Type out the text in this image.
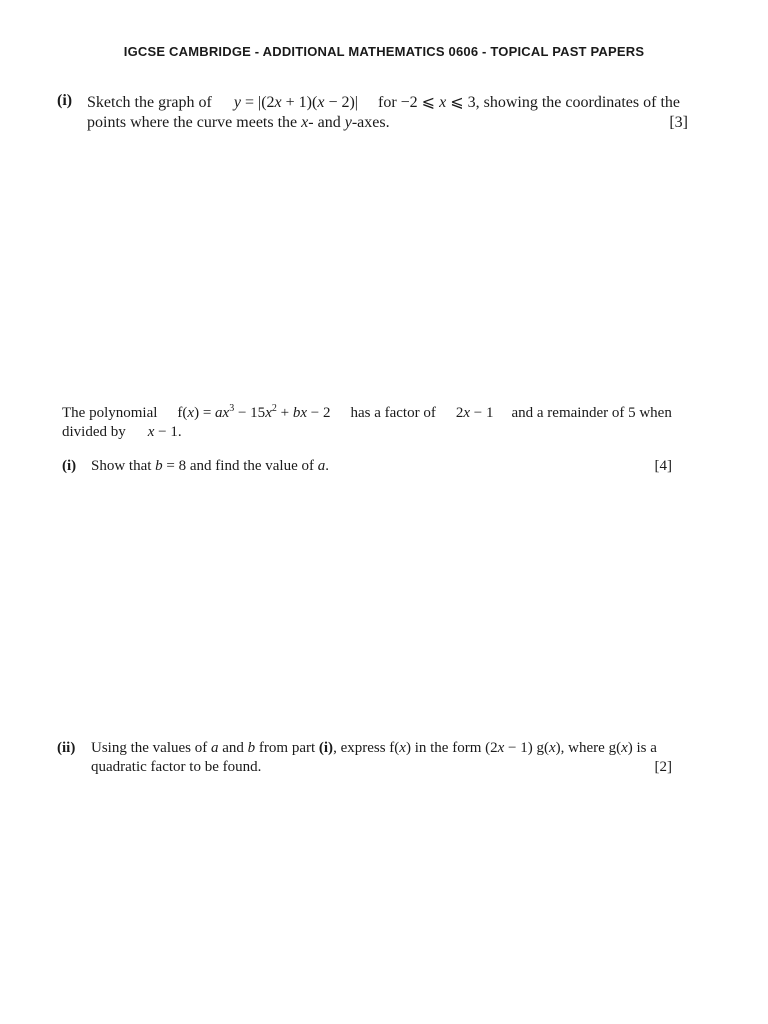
IGCSE CAMBRIDGE - ADDITIONAL MATHEMATICS 0606 - TOPICAL PAST PAPERS
(i) Sketch the graph of y = |(2x + 1)(x − 2)| for −2 ⩽ x ⩽ 3, showing the coordinates of the
points where the curve meets the x- and y-axes.	[3]
The polynomial $f(x) = ax^3 - 15x^2$ + bx − 2 has a factor of 2x − 1 and a remainder of 5 when
divided by x − 1.
(i) Show that b = 8 and find the value of a.	[4]
(ii) Using the values of a and b from part (i), express f(x) in the form (2x − 1) g(x), where g(x) is a
quadratic factor to be found.	[2]
